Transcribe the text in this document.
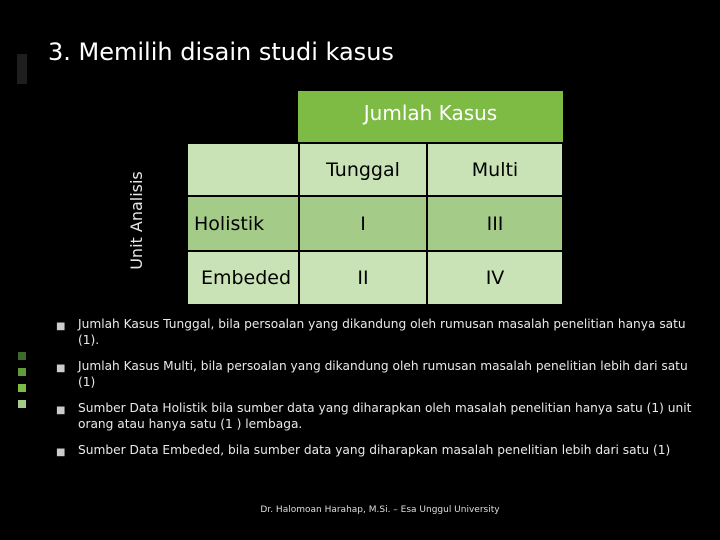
3. Memilih disain studi kasus
Jumlah Kasus
Unit Analisis
Tunggal	Multi
Holistik	I	III
Embeded	II	IV
■ Jumlah Kasus Tunggal, bila persoalan yang dikandung oleh rumusan masalah penelitian hanya satu (1).
■ Jumlah Kasus Multi, bila persoalan yang dikandung oleh rumusan masalah penelitian lebih dari satu (1)
■ Sumber Data Holistik bila sumber data yang diharapkan oleh masalah penelitian hanya satu (1) unit orang atau hanya satu (1 ) lembaga.
■ Sumber Data Embeded, bila sumber data yang diharapkan masalah penelitian lebih dari satu (1)
Dr. Halomoan Harahap, M.Si. – Esa Unggul University
